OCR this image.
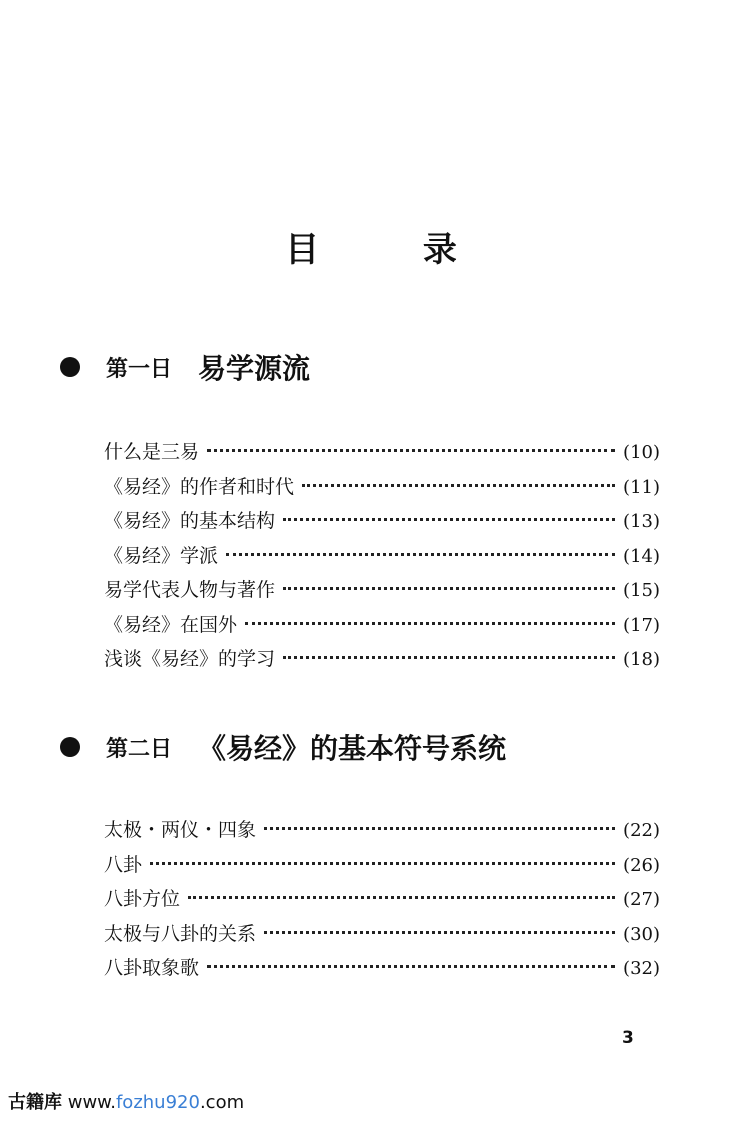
目 录
第一日 易学源流
什么是三易	(10)
《易经》的作者和时代	(11)
《易经》的基本结构	(13)
《易经》学派	(14)
易学代表人物与著作	(15)
《易经》在国外	(17)
浅谈《易经》的学习	(18)
第二日 《易经》的基本符号系统
太极・两仪・四象	(22)
八卦	(26)
八卦方位	(27)
太极与八卦的关系	(30)
八卦取象歌	(32)
3
古籍库 www.fozhu920.com
